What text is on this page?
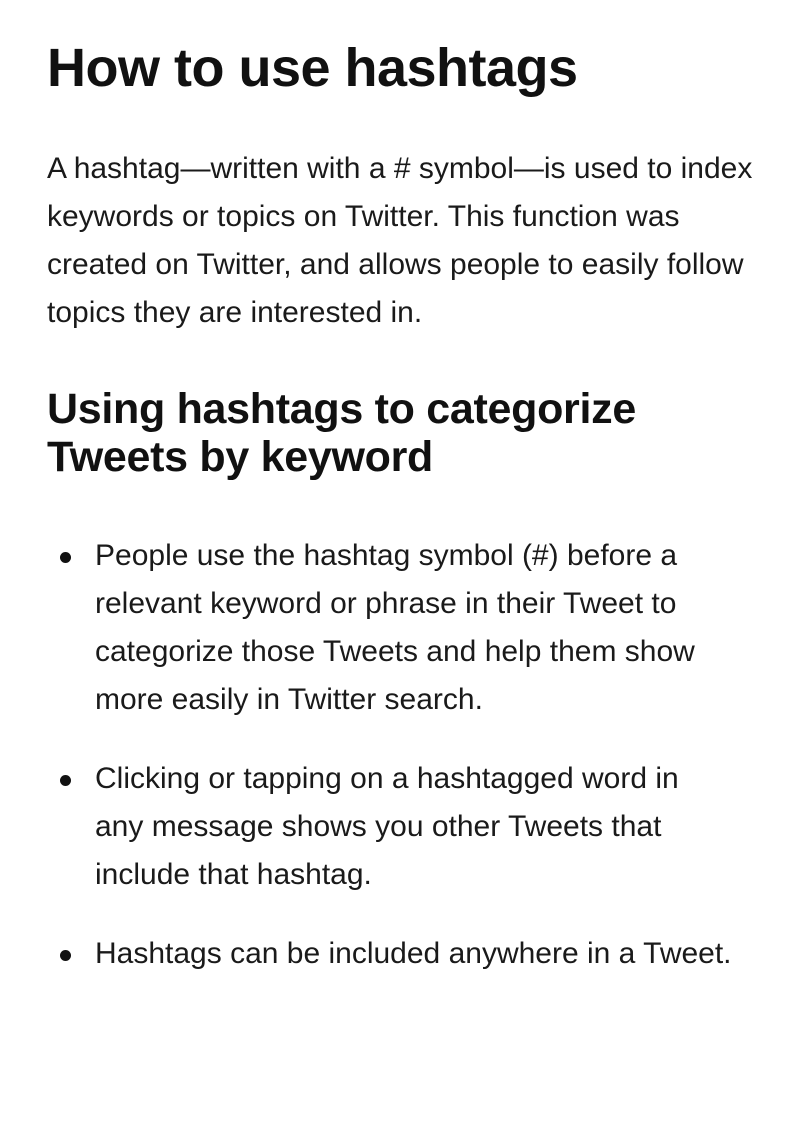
How to use hashtags

A hashtag—written with a # symbol—is used to index keywords or topics on Twitter. This function was created on Twitter, and allows people to easily follow topics they are interested in.

Using hashtags to categorize Tweets by keyword
People use the hashtag symbol (#) before a relevant keyword or phrase in their Tweet to categorize those Tweets and help them show more easily in Twitter search.
Clicking or tapping on a hashtagged word in any message shows you other Tweets that include that hashtag.
Hashtags can be included anywhere in a Tweet.
